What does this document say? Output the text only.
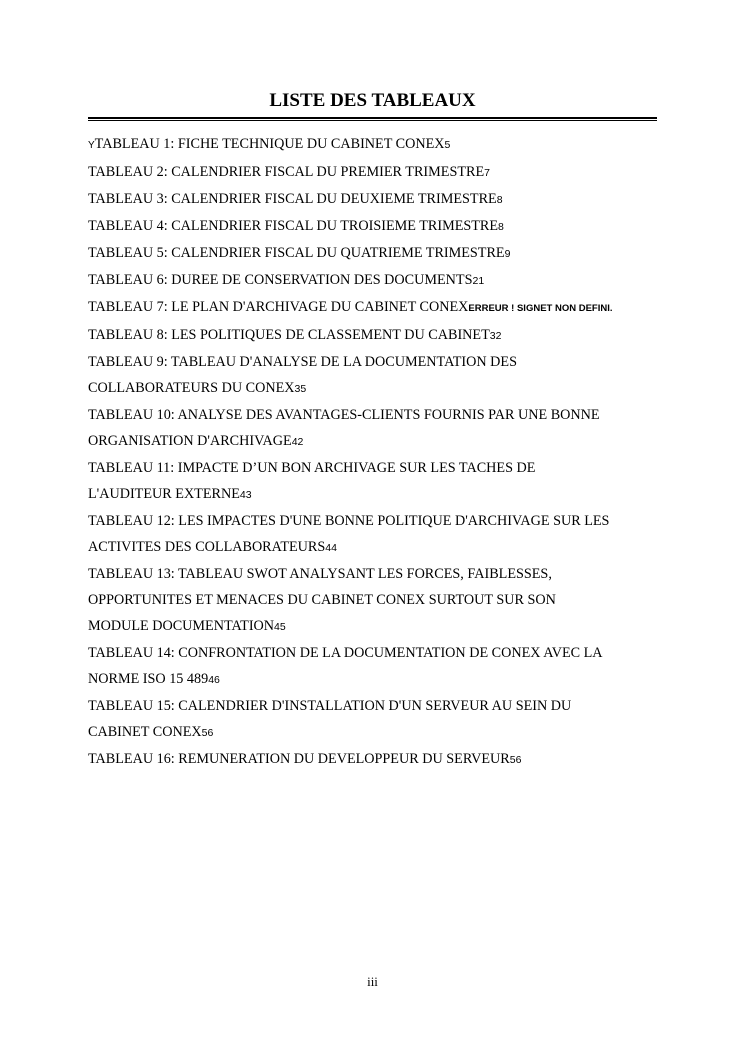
LISTE DES TABLEAUX
YTABLEAU 1: FICHE TECHNIQUE DU CABINET CONEX5
TABLEAU 2: CALENDRIER FISCAL DU PREMIER TRIMESTRE7
TABLEAU 3: CALENDRIER FISCAL DU DEUXIEME TRIMESTRE8
TABLEAU 4: CALENDRIER FISCAL DU TROISIEME TRIMESTRE8
TABLEAU 5: CALENDRIER FISCAL DU QUATRIEME TRIMESTRE9
TABLEAU 6: DUREE DE CONSERVATION DES DOCUMENTS21
TABLEAU 7: LE PLAN D'ARCHIVAGE DU CABINET CONEXERREUR ! SIGNET NON DEFINI.
TABLEAU 8: LES POLITIQUES DE CLASSEMENT DU CABINET32
TABLEAU 9: TABLEAU D'ANALYSE DE LA DOCUMENTATION DES
COLLABORATEURS DU CONEX35
TABLEAU 10: ANALYSE DES AVANTAGES-CLIENTS FOURNIS PAR UNE BONNE
ORGANISATION D'ARCHIVAGE42
TABLEAU 11: IMPACTE D’UN BON ARCHIVAGE SUR LES TACHES DE
L'AUDITEUR EXTERNE43
TABLEAU 12: LES IMPACTES D'UNE BONNE POLITIQUE D'ARCHIVAGE SUR LES
ACTIVITES DES COLLABORATEURS44
TABLEAU 13: TABLEAU SWOT ANALYSANT LES FORCES, FAIBLESSES,
OPPORTUNITES ET MENACES DU CABINET CONEX SURTOUT SUR SON
MODULE DOCUMENTATION45
TABLEAU 14: CONFRONTATION DE LA DOCUMENTATION DE CONEX AVEC LA
NORME ISO 15 48946
TABLEAU 15: CALENDRIER D'INSTALLATION D'UN SERVEUR AU SEIN DU
CABINET CONEX56
TABLEAU 16: REMUNERATION DU DEVELOPPEUR DU SERVEUR56
iii
